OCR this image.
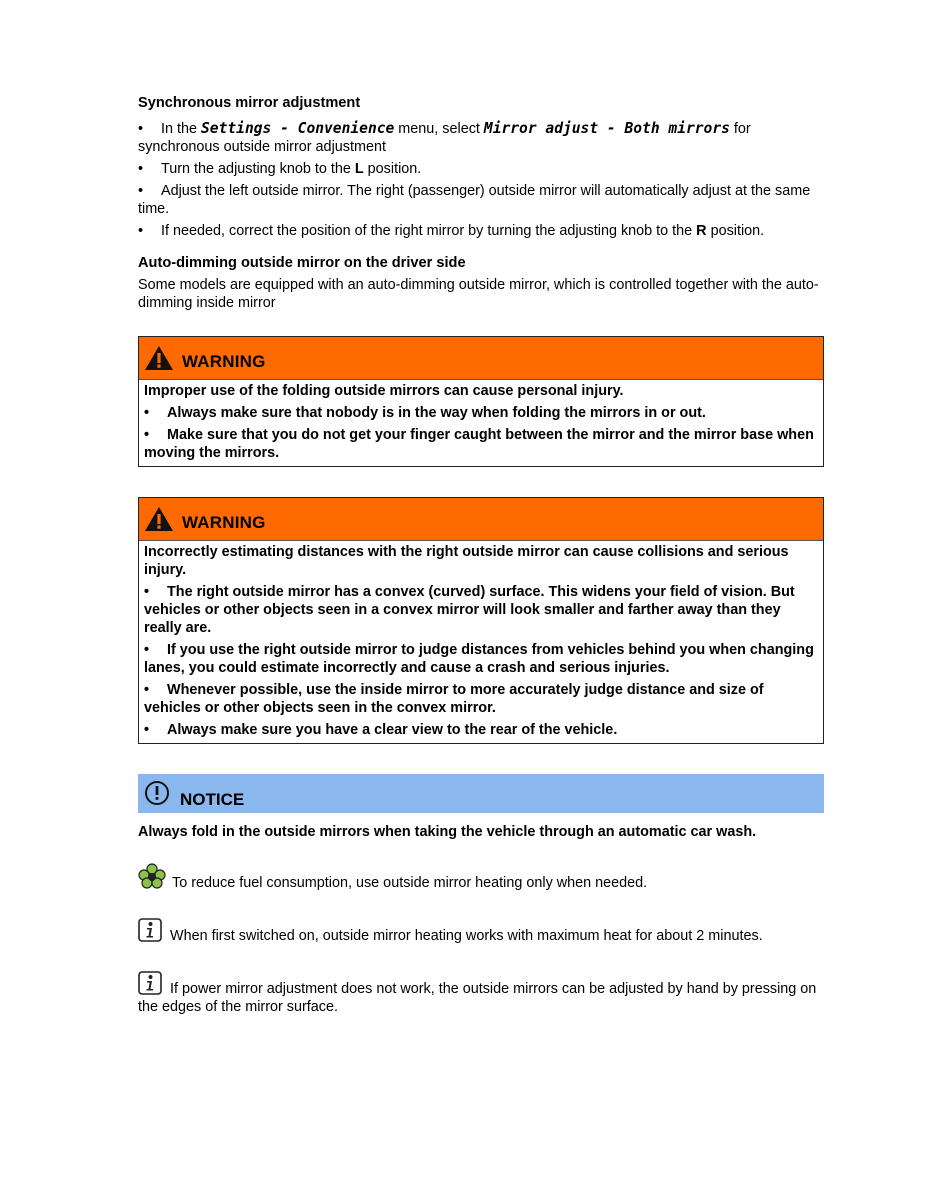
Synchronous mirror adjustment
• In the Settings - Convenience menu, select Mirror adjust - Both mirrors for synchronous outside mirror adjustment
• Turn the adjusting knob to the L position.
• Adjust the left outside mirror. The right (passenger) outside mirror will automatically adjust at the same time.
• If needed, correct the position of the right mirror by turning the adjusting knob to the R position.
Auto-dimming outside mirror on the driver side

Some models are equipped with an auto-dimming outside mirror, which is controlled together with the auto-dimming inside mirror

WARNING
Improper use of the folding outside mirrors can cause personal injury.
• Always make sure that nobody is in the way when folding the mirrors in or out.
• Make sure that you do not get your finger caught between the mirror and the mirror base when moving the mirrors.
WARNING
Incorrectly estimating distances with the right outside mirror can cause collisions and serious injury.
• The right outside mirror has a convex (curved) surface. This widens your field of vision. But vehicles or other objects seen in a convex mirror will look smaller and farther away than they really are.
• If you use the right outside mirror to judge distances from vehicles behind you when changing lanes, you could estimate incorrectly and cause a crash and serious injuries.
• Whenever possible, use the inside mirror to more accurately judge distance and size of vehicles or other objects seen in the convex mirror.
• Always make sure you have a clear view to the rear of the vehicle.
NOTICE

Always fold in the outside mirrors when taking the vehicle through an automatic car wash.

To reduce fuel consumption, use outside mirror heating only when needed.
When first switched on, outside mirror heating works with maximum heat for about 2 minutes.
If power mirror adjustment does not work, the outside mirrors can be adjusted by hand by pressing on the edges of the mirror surface.
